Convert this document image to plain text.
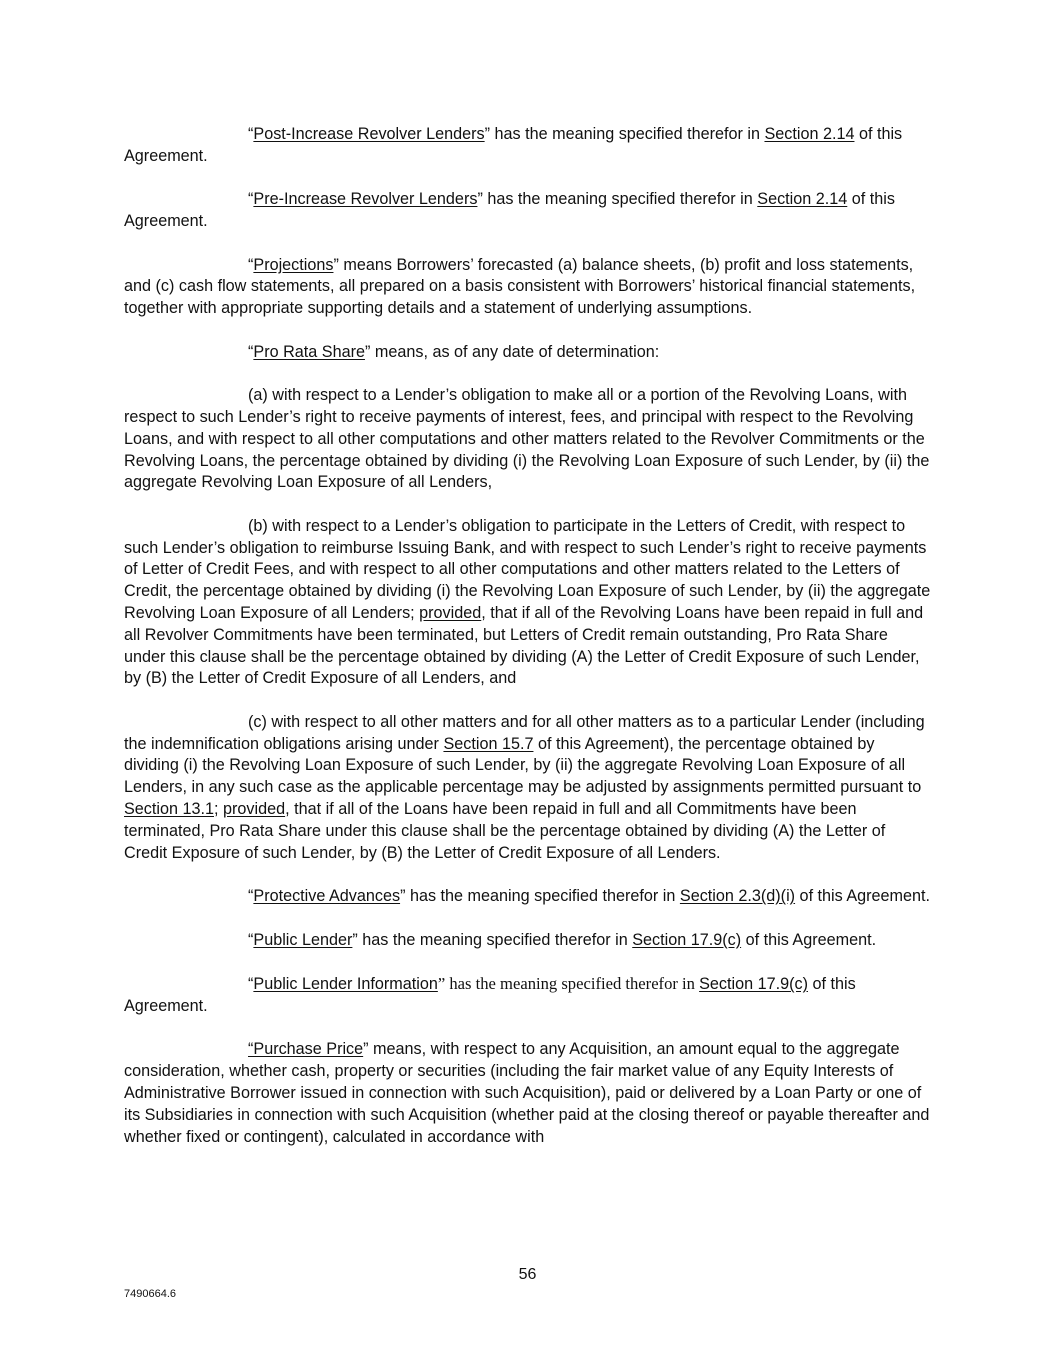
“Post-Increase Revolver Lenders” has the meaning specified therefor in Section 2.14 of this Agreement.

“Pre-Increase Revolver Lenders” has the meaning specified therefor in Section 2.14 of this Agreement.

“Projections” means Borrowers’ forecasted (a) balance sheets, (b) profit and loss statements, and (c) cash flow statements, all prepared on a basis consistent with Borrowers’ historical financial statements, together with appropriate supporting details and a statement of underlying assumptions.

“Pro Rata Share” means, as of any date of determination:

(a) with respect to a Lender’s obligation to make all or a portion of the Revolving Loans, with respect to such Lender’s right to receive payments of interest, fees, and principal with respect to the Revolving Loans, and with respect to all other computations and other matters related to the Revolver Commitments or the Revolving Loans, the percentage obtained by dividing (i) the Revolving Loan Exposure of such Lender, by (ii) the aggregate Revolving Loan Exposure of all Lenders,

(b) with respect to a Lender’s obligation to participate in the Letters of Credit, with respect to such Lender’s obligation to reimburse Issuing Bank, and with respect to such Lender’s right to receive payments of Letter of Credit Fees, and with respect to all other computations and other matters related to the Letters of Credit, the percentage obtained by dividing (i) the Revolving Loan Exposure of such Lender, by (ii) the aggregate Revolving Loan Exposure of all Lenders; provided, that if all of the Revolving Loans have been repaid in full and all Revolver Commitments have been terminated, but Letters of Credit remain outstanding, Pro Rata Share under this clause shall be the percentage obtained by dividing (A) the Letter of Credit Exposure of such Lender, by (B) the Letter of Credit Exposure of all Lenders, and

(c) with respect to all other matters and for all other matters as to a particular Lender (including the indemnification obligations arising under Section 15.7 of this Agreement), the percentage obtained by dividing (i) the Revolving Loan Exposure of such Lender, by (ii) the aggregate Revolving Loan Exposure of all Lenders, in any such case as the applicable percentage may be adjusted by assignments permitted pursuant to Section 13.1; provided, that if all of the Loans have been repaid in full and all Commitments have been terminated, Pro Rata Share under this clause shall be the percentage obtained by dividing (A) the Letter of Credit Exposure of such Lender, by (B) the Letter of Credit Exposure of all Lenders.

“Protective Advances” has the meaning specified therefor in Section 2.3(d)(i) of this Agreement.

“Public Lender” has the meaning specified therefor in Section 17.9(c) of this Agreement.

“Public Lender Information” has the meaning specified therefor in Section 17.9(c) of this Agreement.

“Purchase Price” means, with respect to any Acquisition, an amount equal to the aggregate consideration, whether cash, property or securities (including the fair market value of any Equity Interests of Administrative Borrower issued in connection with such Acquisition), paid or delivered by a Loan Party or one of its Subsidiaries in connection with such Acquisition (whether paid at the closing thereof or payable thereafter and whether fixed or contingent), calculated in accordance with

56
7490664.6
